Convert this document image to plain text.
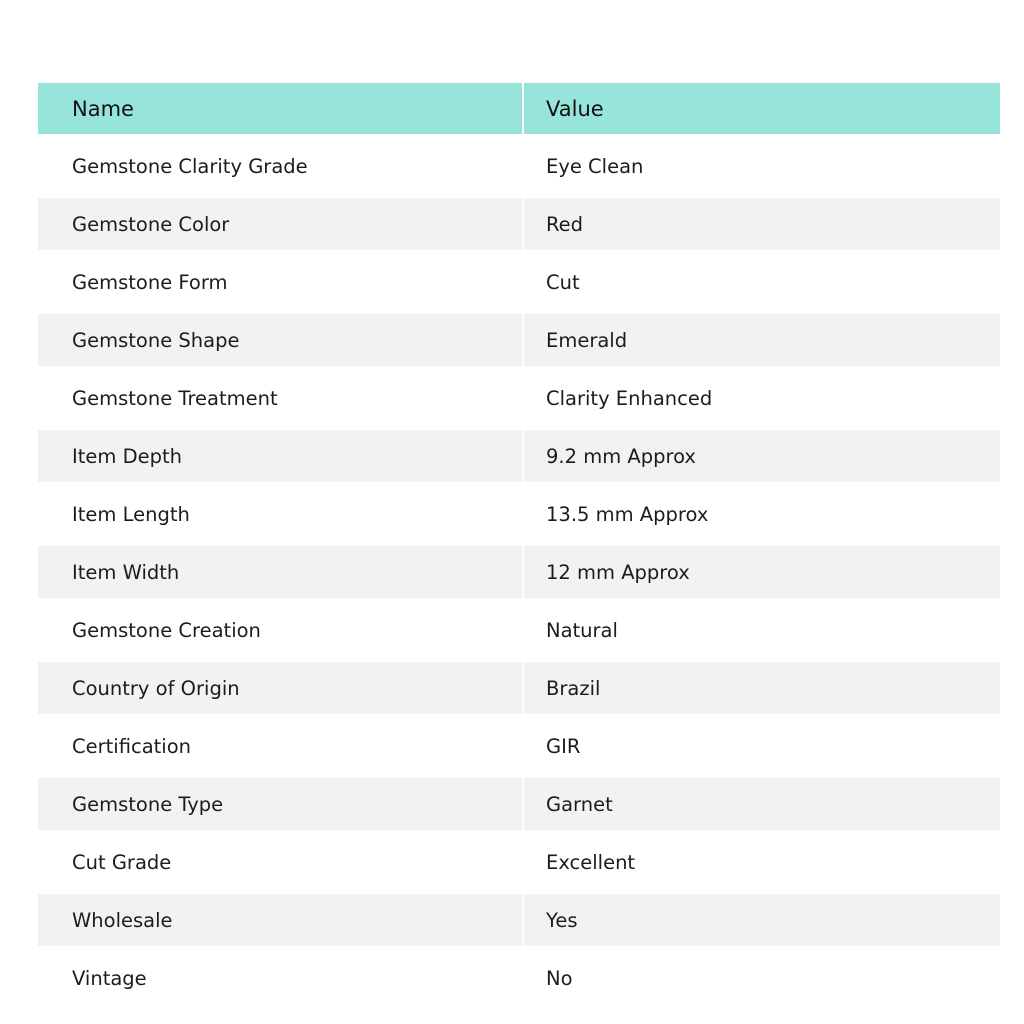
Name	Value
Gemstone Clarity Grade	Eye Clean
Gemstone Color	Red
Gemstone Form	Cut
Gemstone Shape	Emerald
Gemstone Treatment	Clarity Enhanced
Item Depth	9.2 mm Approx
Item Length	13.5 mm Approx
Item Width	12 mm Approx
Gemstone Creation	Natural
Country of Origin	Brazil
Certification	GIR
Gemstone Type	Garnet
Cut Grade	Excellent
Wholesale	Yes
Vintage	No
